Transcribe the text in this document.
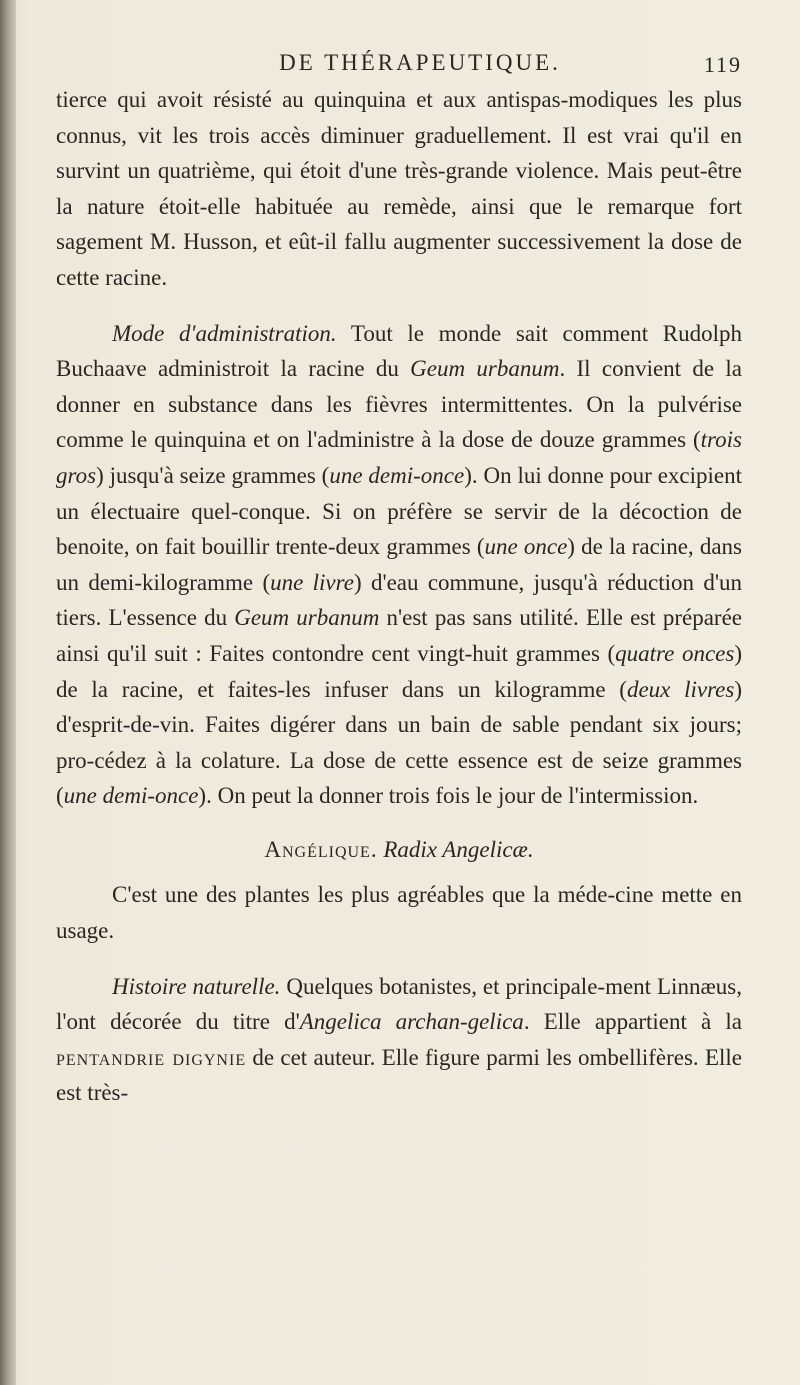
DE THÉRAPEUTIQUE.	119

tierce qui avoit résisté au quinquina et aux antispas-modiques les plus connus, vit les trois accès diminuer graduellement. Il est vrai qu'il en survint un quatrième, qui étoit d'une très-grande violence. Mais peut-être la nature étoit-elle habituée au remède, ainsi que le remarque fort sagement M. Husson, et eût-il fallu augmenter successivement la dose de cette racine.

Mode d'administration. Tout le monde sait comment Rudolph Buchaave administroit la racine du Geum urbanum. Il convient de la donner en substance dans les fièvres intermittentes. On la pulvérise comme le quinquina et on l'administre à la dose de douze grammes (trois gros) jusqu'à seize grammes (une demi-once). On lui donne pour excipient un électuaire quel-conque. Si on préfère se servir de la décoction de benoite, on fait bouillir trente-deux grammes (une once) de la racine, dans un demi-kilogramme (une livre) d'eau commune, jusqu'à réduction d'un tiers. L'essence du Geum urbanum n'est pas sans utilité. Elle est préparée ainsi qu'il suit : Faites contondre cent vingt-huit grammes (quatre onces) de la racine, et faites-les infuser dans un kilogramme (deux livres) d'esprit-de-vin. Faites digérer dans un bain de sable pendant six jours; pro-cédez à la colature. La dose de cette essence est de seize grammes (une demi-once). On peut la donner trois fois le jour de l'intermission.

Angélique. Radix Angelicæ.

C'est une des plantes les plus agréables que la méde-cine mette en usage.

Histoire naturelle. Quelques botanistes, et principale-ment Linnæus, l'ont décorée du titre d'Angelica archan-gelica. Elle appartient à la pentandrie digynie de cet auteur. Elle figure parmi les ombellifères. Elle est très-
